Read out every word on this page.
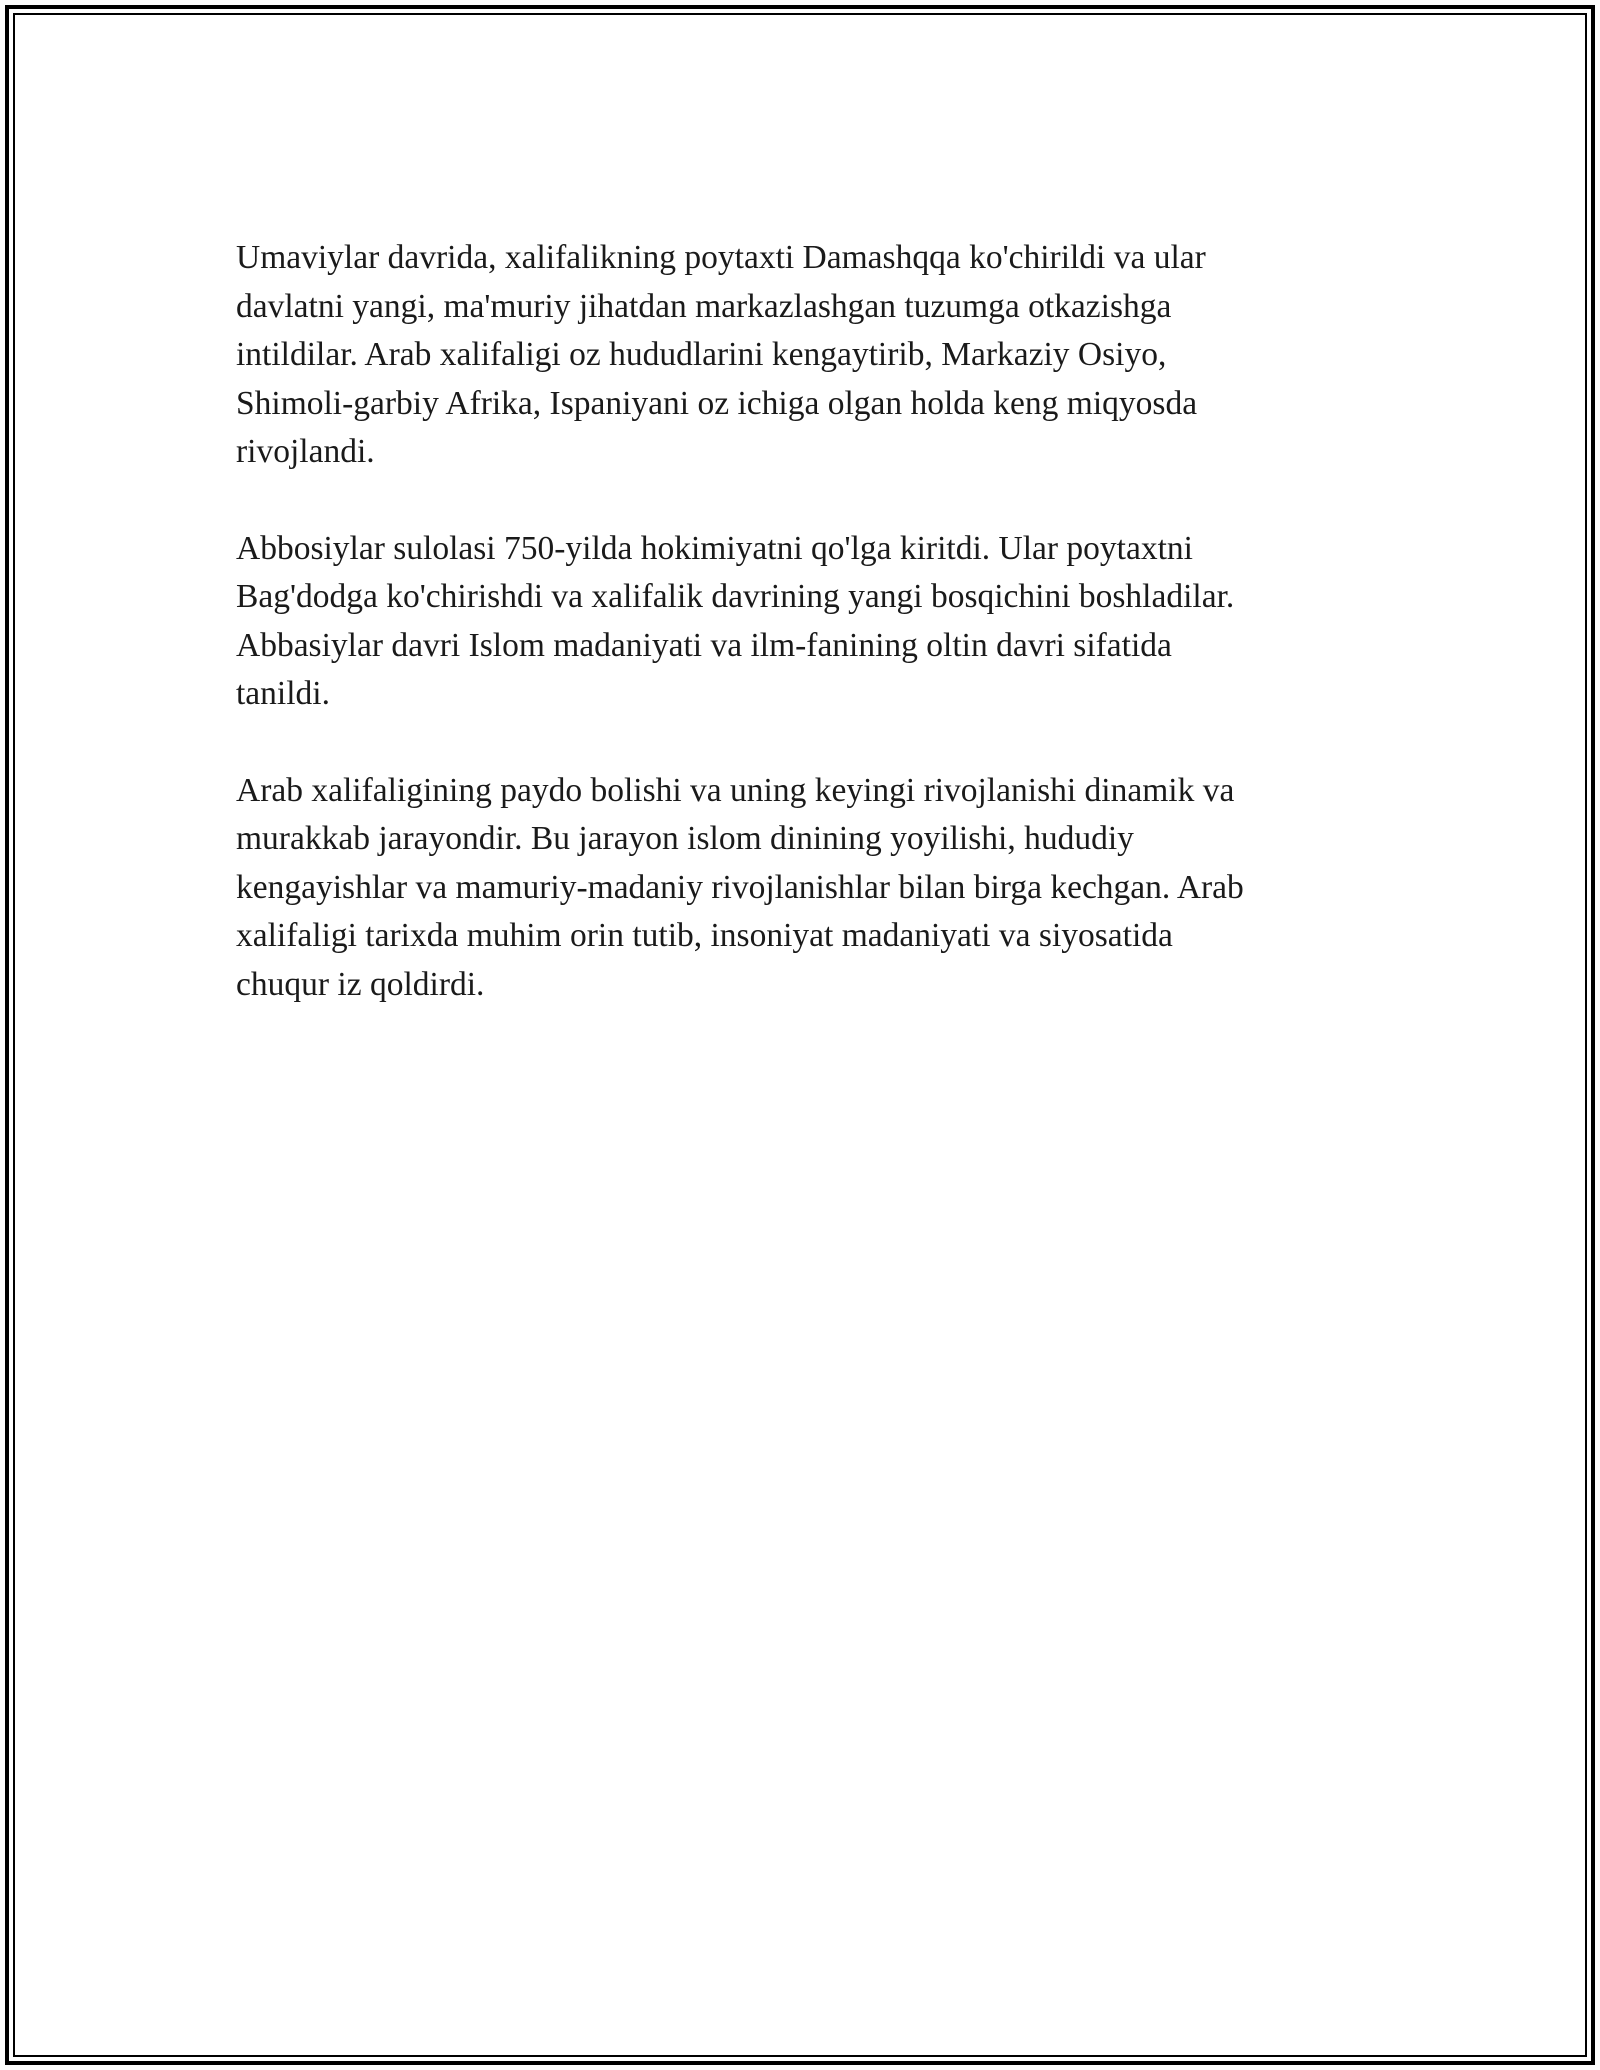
Umaviylar davrida, xalifalikning poytaxti Damashqqa ko'chirildi va ular
davlatni yangi, ma'muriy jihatdan markazlashgan tuzumga otkazishga
intildilar. Arab xalifaligi oz hududlarini kengaytirib, Markaziy Osiyo,
Shimoli-garbiy Afrika, Ispaniyani oz ichiga olgan holda keng miqyosda
rivojlandi.

Abbosiylar sulolasi 750-yilda hokimiyatni qo'lga kiritdi. Ular poytaxtni
Bag'dodga ko'chirishdi va xalifalik davrining yangi bosqichini boshladilar.
Abbasiylar davri Islom madaniyati va ilm-fanining oltin davri sifatida
tanildi.

Arab xalifaligining paydo bolishi va uning keyingi rivojlanishi dinamik va
murakkab jarayondir. Bu jarayon islom dinining yoyilishi, hududiy
kengayishlar va mamuriy-madaniy rivojlanishlar bilan birga kechgan. Arab
xalifaligi tarixda muhim orin tutib, insoniyat madaniyati va siyosatida
chuqur iz qoldirdi.
